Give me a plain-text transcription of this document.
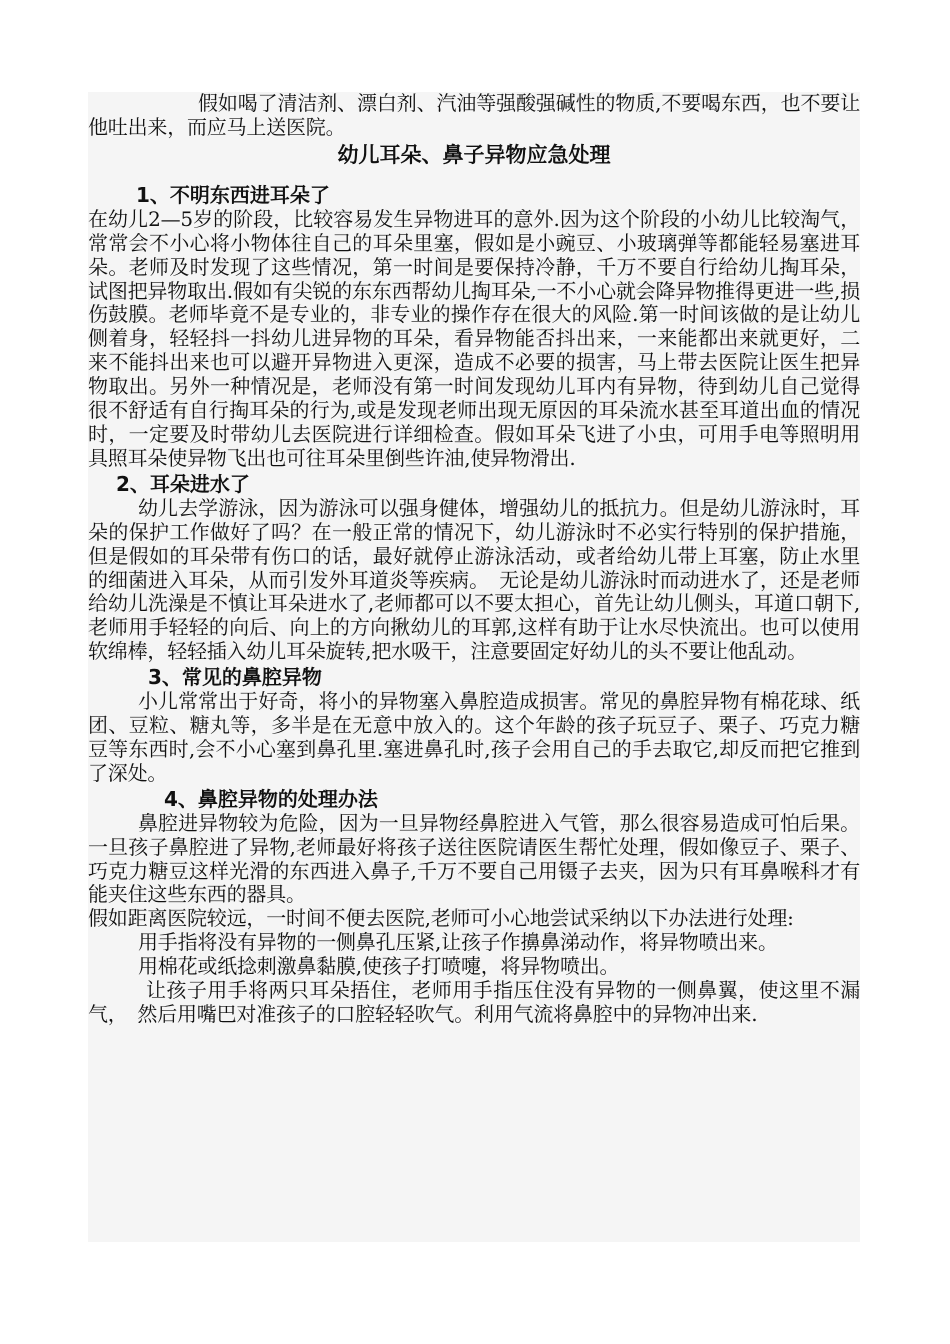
假如喝了清洁剂、漂白剂、汽油等强酸强碱性的物质,不要喝东西，也不要让他吐出来，而应马上送医院。

幼儿耳朵、鼻子异物应急处理
1、不明东西进耳朵了

在幼儿2—5岁的阶段，比较容易发生异物进耳的意外.因为这个阶段的小幼儿比较淘气，常常会不小心将小物体往自己的耳朵里塞，假如是小豌豆、小玻璃弹等都能轻易塞进耳朵。老师及时发现了这些情况，第一时间是要保持冷静，千万不要自行给幼儿掏耳朵，试图把异物取出.假如有尖锐的东东西帮幼儿掏耳朵,一不小心就会降异物推得更进一些,损伤鼓膜。老师毕竟不是专业的，非专业的操作存在很大的风险.第一时间该做的是让幼儿侧着身，轻轻抖一抖幼儿进异物的耳朵，看异物能否抖出来，一来能都出来就更好，二来不能抖出来也可以避开异物进入更深，造成不必要的损害，马上带去医院让医生把异物取出。另外一种情况是，老师没有第一时间发现幼儿耳内有异物，待到幼儿自己觉得很不舒适有自行掏耳朵的行为,或是发现老师出现无原因的耳朵流水甚至耳道出血的情况时，一定要及时带幼儿去医院进行详细检查。假如耳朵飞进了小虫，可用手电等照明用具照耳朵使异物飞出也可往耳朵里倒些许油,使异物滑出.

2、耳朵进水了

幼儿去学游泳，因为游泳可以强身健体，增强幼儿的抵抗力。但是幼儿游泳时，耳朵的保护工作做好了吗？在一般正常的情况下，幼儿游泳时不必实行特别的保护措施，但是假如的耳朵带有伤口的话，最好就停止游泳活动，或者给幼儿带上耳塞，防止水里的细菌进入耳朵，从而引发外耳道炎等疾病。　无论是幼儿游泳时而动进水了，还是老师给幼儿洗澡是不慎让耳朵进水了,老师都可以不要太担心，首先让幼儿侧头，耳道口朝下,老师用手轻轻的向后、向上的方向揪幼儿的耳郭,这样有助于让水尽快流出。也可以使用软绵棒，轻轻插入幼儿耳朵旋转,把水吸干，注意要固定好幼儿的头不要让他乱动。

3、常见的鼻腔异物

小儿常常出于好奇，将小的异物塞入鼻腔造成损害。常见的鼻腔异物有棉花球、纸团、豆粒、糖丸等，多半是在无意中放入的。这个年龄的孩子玩豆子、栗子、巧克力糖豆等东西时,会不小心塞到鼻孔里.塞进鼻孔时,孩子会用自己的手去取它,却反而把它推到了深处。

4、鼻腔异物的处理办法

鼻腔进异物较为危险，因为一旦异物经鼻腔进入气管，那么很容易造成可怕后果。一旦孩子鼻腔进了异物,老师最好将孩子送往医院请医生帮忙处理，假如像豆子、栗子、巧克力糖豆这样光滑的东西进入鼻子,千万不要自己用镊子去夹，因为只有耳鼻喉科才有能夹住这些东西的器具。

假如距离医院较远，一时间不便去医院,老师可小心地尝试采纳以下办法进行处理:

用手指将没有异物的一侧鼻孔压紧,让孩子作擤鼻涕动作，将异物喷出来。

用棉花或纸捻刺激鼻黏膜,使孩子打喷嚏，将异物喷出。

让孩子用手将两只耳朵捂住，老师用手指压住没有异物的一侧鼻翼，使这里不漏气，　然后用嘴巴对准孩子的口腔轻轻吹气。利用气流将鼻腔中的异物冲出来.
